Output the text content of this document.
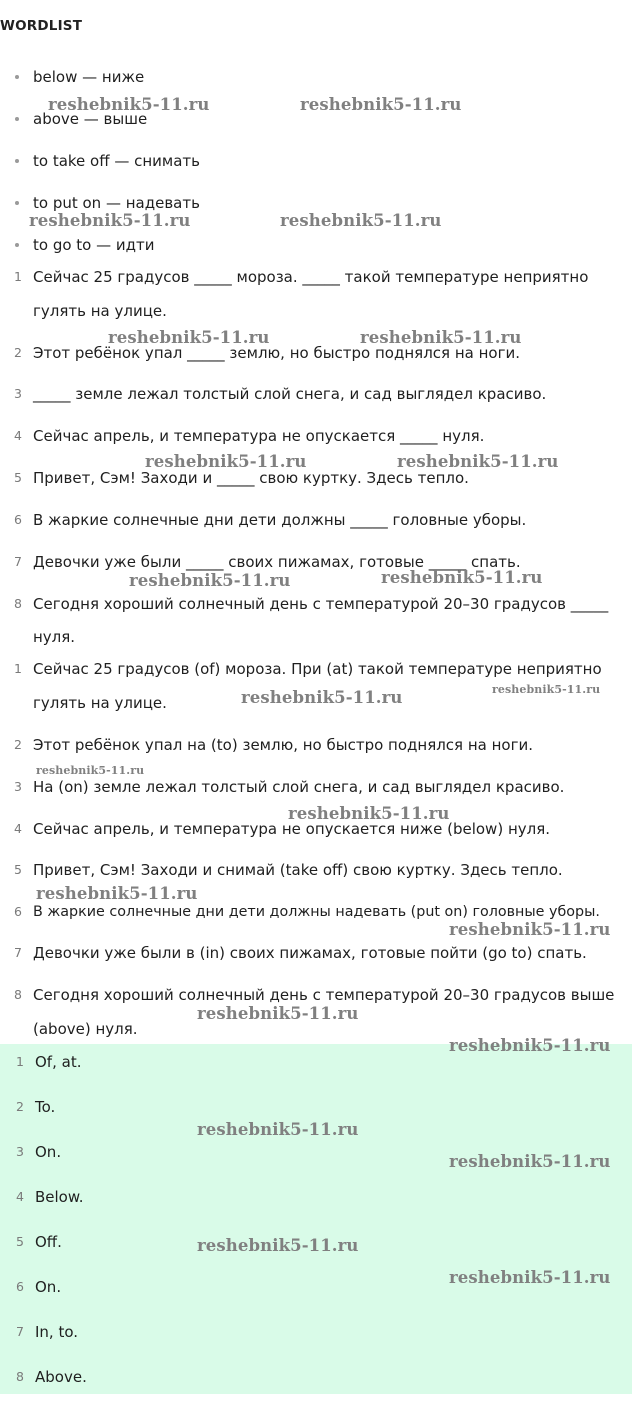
WORDLIST
below — ниже
above — выше
to take off — снимать
to put on — надевать
to go to — идти
1 Сейчас 25 градусов _____ мороза. _____ такой температуре неприятно
гулять на улице.
2 Этот ребёнок упал _____ землю, но быстро поднялся на ноги.
3 _____ земле лежал толстый слой снега, и сад выглядел красиво.
4 Сейчас апрель, и температура не опускается _____ нуля.
5 Привет, Сэм! Заходи и _____ свою куртку. Здесь тепло.
6 В жаркие солнечные дни дети должны _____ головные уборы.
7 Девочки уже были _____ своих пижамах, готовые _____ спать.
8 Сегодня хороший солнечный день с температурой 20–30 градусов _____
нуля.
1 Сейчас 25 градусов (of) мороза. При (at) такой температуре неприятно
гулять на улице.
2 Этот ребёнок упал на (to) землю, но быстро поднялся на ноги.
3 На (on) земле лежал толстый слой снега, и сад выглядел красиво.
4 Сейчас апрель, и температура не опускается ниже (below) нуля.
5 Привет, Сэм! Заходи и снимай (take off) свою куртку. Здесь тепло.
6 В жаркие солнечные дни дети должны надевать (put on) головные уборы.
7 Девочки уже были в (in) своих пижамах, готовые пойти (go to) спать.
8 Сегодня хороший солнечный день с температурой 20–30 градусов выше
(above) нуля.
1 Of, at.
2 To.
3 On.
4 Below.
5 Off.
6 On.
7 In, to.
8 Above.
reshebnik5-11.ru	reshebnik5-11.ru
reshebnik5-11.ru	reshebnik5-11.ru
reshebnik5-11.ru	reshebnik5-11.ru
reshebnik5-11.ru	reshebnik5-11.ru
reshebnik5-11.ru	reshebnik5-11.ru
reshebnik5-11.ru	reshebnik5-11.ru
reshebnik5-11.ru
reshebnik5-11.ru
reshebnik5-11.ru
reshebnik5-11.ru
reshebnik5-11.ru
reshebnik5-11.ru
reshebnik5-11.ru
reshebnik5-11.ru
reshebnik5-11.ru
reshebnik5-11.ru
